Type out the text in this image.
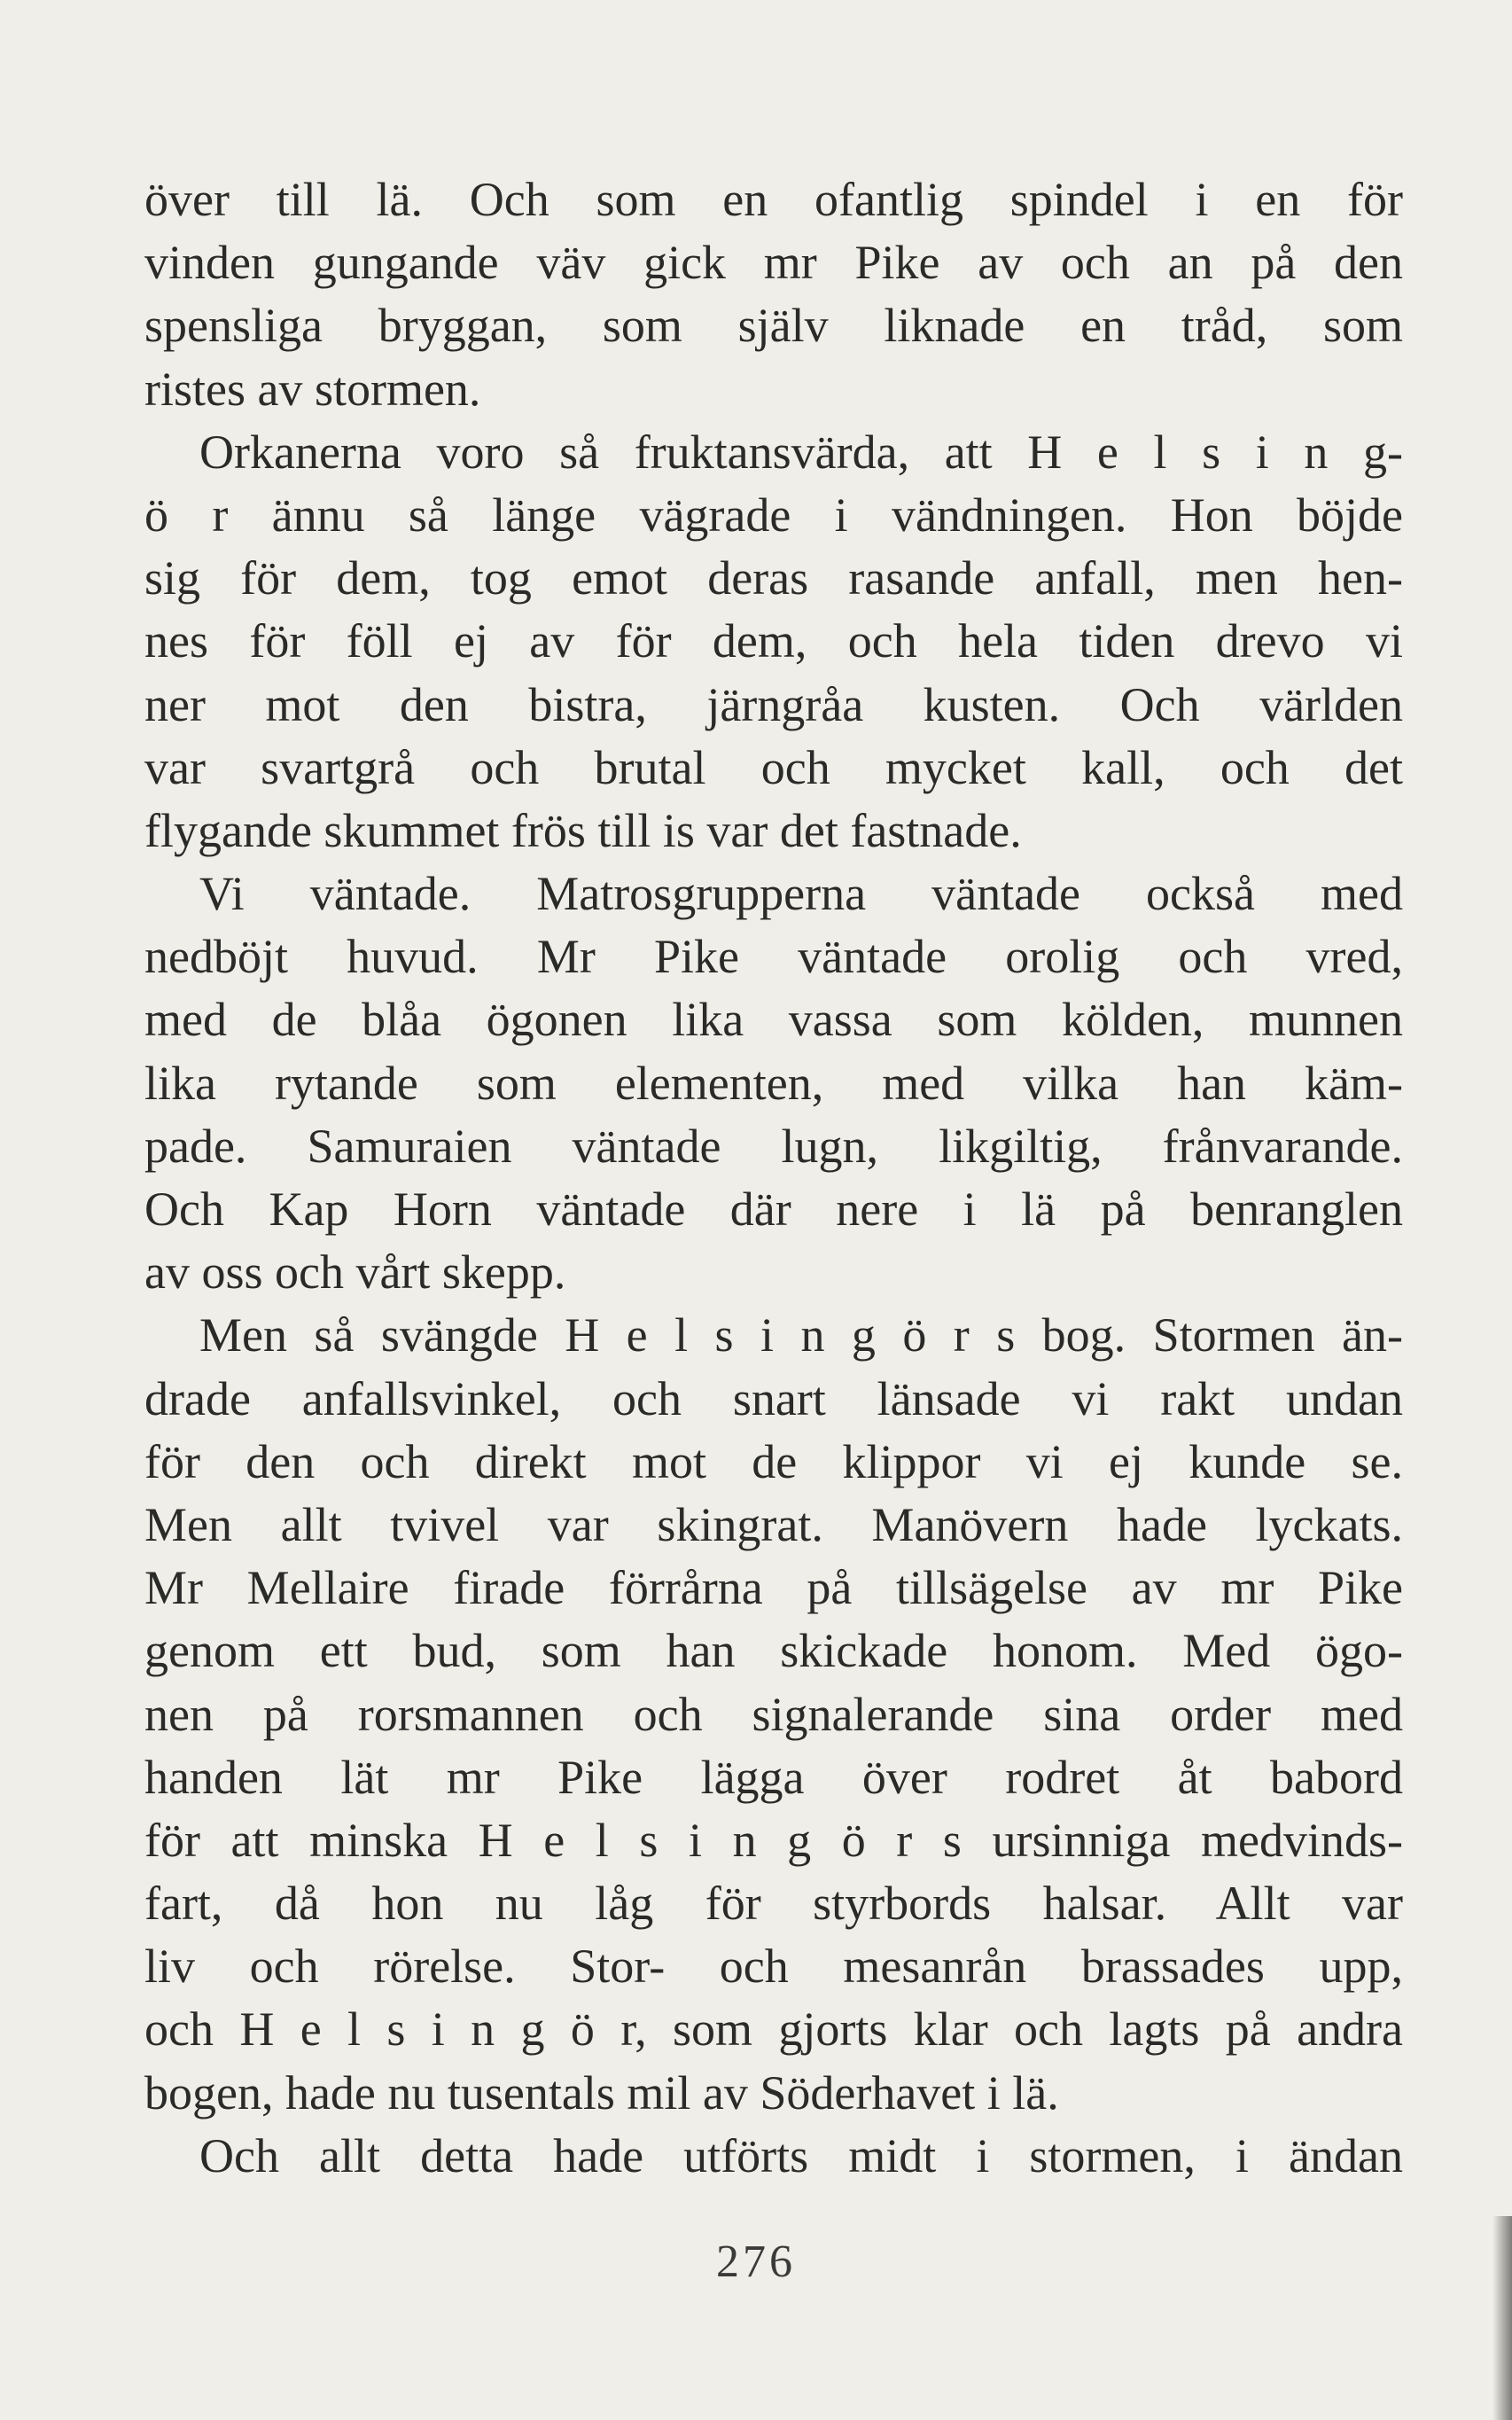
över till lä. Och som en ofantlig spindel i en för
vinden gungande väv gick mr Pike av och an på den
spensliga bryggan, som själv liknade en tråd, som
ristes av stormen.
Orkanerna voro så fruktansvärda, att H e l s i n g-
ö r ännu så länge vägrade i vändningen. Hon böjde
sig för dem, tog emot deras rasande anfall, men hen-
nes för föll ej av för dem, och hela tiden drevo vi
ner mot den bistra, järngråa kusten. Och världen
var svartgrå och brutal och mycket kall, och det
flygande skummet frös till is var det fastnade.
Vi väntade. Matrosgrupperna väntade också med
nedböjt huvud. Mr Pike väntade orolig och vred,
med de blåa ögonen lika vassa som kölden, munnen
lika rytande som elementen, med vilka han käm-
pade. Samuraien väntade lugn, likgiltig, frånvarande.
Och Kap Horn väntade där nere i lä på benranglen
av oss och vårt skepp.
Men så svängde H e l s i n g ö r s bog. Stormen än-
drade anfallsvinkel, och snart länsade vi rakt undan
för den och direkt mot de klippor vi ej kunde se.
Men allt tvivel var skingrat. Manövern hade lyckats.
Mr Mellaire firade förrårna på tillsägelse av mr Pike
genom ett bud, som han skickade honom. Med ögo-
nen på rorsmannen och signalerande sina order med
handen lät mr Pike lägga över rodret åt babord
för att minska H e l s i n g ö r s ursinniga medvinds-
fart, då hon nu låg för styrbords halsar. Allt var
liv och rörelse. Stor- och mesanrån brassades upp,
och H e l s i n g ö r, som gjorts klar och lagts på andra
bogen, hade nu tusentals mil av Söderhavet i lä.
Och allt detta hade utförts midt i stormen, i ändan
276
